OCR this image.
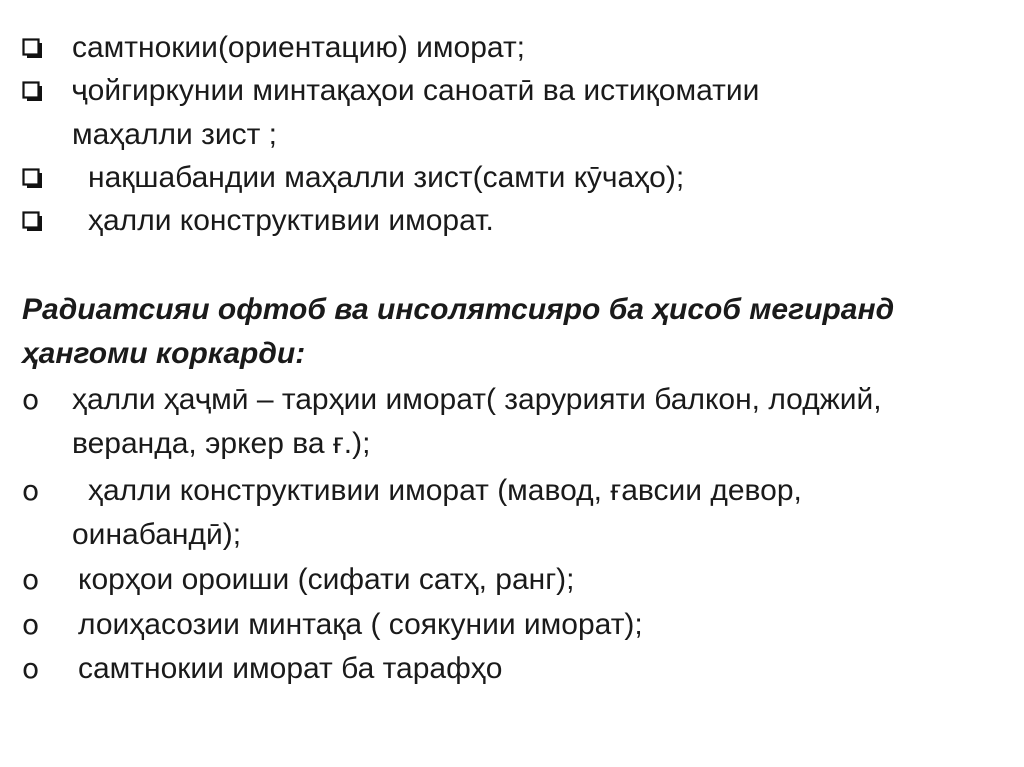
самтнокии(ориентацию) иморат;
ҷойгиркунии минтақаҳои саноатӣ ва истиқоматии
маҳалли зист ;
нақшабандии маҳалли зист(самти кӯчаҳо);
ҳалли конструктивии иморат.
Радиатсияи офтоб ва инсолятсияро ба ҳисоб мегиранд
ҳангоми коркарди:
o ҳалли ҳаҷмӣ – тарҳии иморат( зарурияти балкон, лоджий,
веранда, эркер ва ғ.);
o ҳалли конструктивии иморат (мавод, ғавсии девор,
оинабандӣ);
o корҳои ороиши (сифати сатҳ, ранг);
o лоиҳасозии минтақа ( соякунии иморат);
o самтнокии иморат ба тарафҳо
